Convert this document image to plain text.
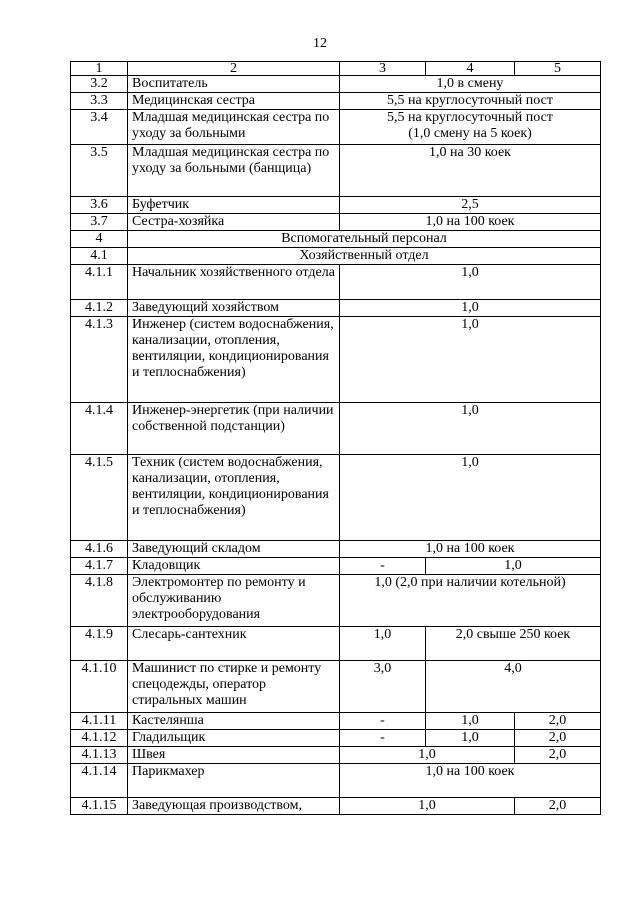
12
1	2	3	4	5
3.2	Воспитатель	1,0 в смену		
3.3	Медицинская сестра	5,5 на круглосуточный пост		
3.4	Младшая медицинская сестра по уходу за больными	5,5 на круглосуточный пост
(1,0 смену на 5 коек)		

3.5	Младшая медицинская сестра по уходу за больными (банщица)	1,0 на 30 коек		
3.6	Буфетчик	2,5		
3.7	Сестра-хозяйка	1,0 на 100 коек		
4	Вспомогательный персонал			
4.1	Хозяйственный отдел			
4.1.1	Начальник хозяйственного отдела	1,0		
4.1.2	Заведующий хозяйством	1,0		
4.1.3	Инженер (систем водоснабжения, канализации, отопления, вентиляции, кондиционирования и теплоснабжения)	1,0		
4.1.4	Инженер-энергетик (при наличии собственной подстанции)	1,0		
4.1.5	Техник (систем водоснабжения, канализации, отопления, вентиляции, кондиционирования и теплоснабжения)	1,0		
4.1.6	Заведующий складом	1,0 на 100 коек		
4.1.7	Кладовщик	-	1,0	
4.1.8	Электромонтер по ремонту и обслуживанию электрооборудования	1,0 (2,0 при наличии котельной)		
4.1.9	Слесарь-сантехник	1,0	2,0 свыше 250 коек	
4.1.10	Машинист по стирке и ремонту спецодежды, оператор стиральных машин	3,0	4,0	
4.1.11	Кастелянша	-	1,0	2,0
4.1.12	Гладильщик	-	1,0	2,0
4.1.13	Швея	1,0		2,0
4.1.14	Парикмахер	1,0 на 100 коек		
4.1.15	Заведующая производством,	1,0		2,0
